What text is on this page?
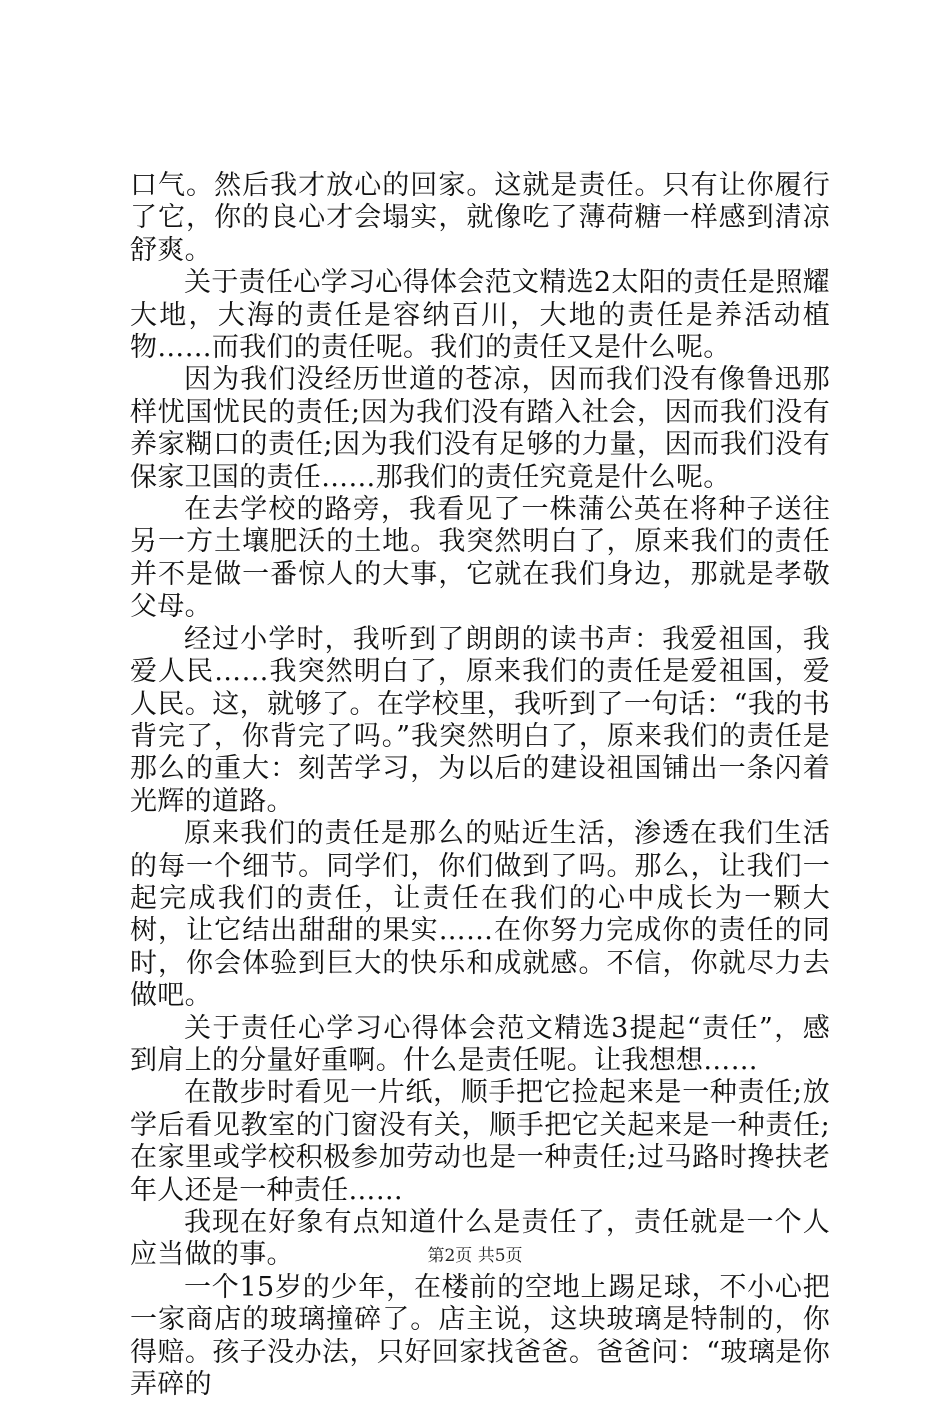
口气。然后我才放心的回家。这就是责任。只有让你履行了它，你的良心才会塌实，就像吃了薄荷糖一样感到清凉舒爽。

关于责任心学习心得体会范文精选2太阳的责任是照耀大地，大海的责任是容纳百川，大地的责任是养活动植物……而我们的责任呢。我们的责任又是什么呢。

因为我们没经历世道的苍凉，因而我们没有像鲁迅那样忧国忧民的责任;因为我们没有踏入社会，因而我们没有养家糊口的责任;因为我们没有足够的力量，因而我们没有保家卫国的责任……那我们的责任究竟是什么呢。

在去学校的路旁，我看见了一株蒲公英在将种子送往另一方土壤肥沃的土地。我突然明白了，原来我们的责任并不是做一番惊人的大事，它就在我们身边，那就是孝敬父母。

经过小学时，我听到了朗朗的读书声：我爱祖国，我爱人民……我突然明白了，原来我们的责任是爱祖国，爱人民。这，就够了。在学校里，我听到了一句话：“我的书背完了，你背完了吗。”我突然明白了，原来我们的责任是那么的重大：刻苦学习，为以后的建设祖国铺出一条闪着光辉的道路。

原来我们的责任是那么的贴近生活，渗透在我们生活的每一个细节。同学们，你们做到了吗。那么，让我们一起完成我们的责任，让责任在我们的心中成长为一颗大树，让它结出甜甜的果实……在你努力完成你的责任的同时，你会体验到巨大的快乐和成就感。不信，你就尽力去做吧。

关于责任心学习心得体会范文精选3提起“责任”，感到肩上的分量好重啊。什么是责任呢。让我想想……

在散步时看见一片纸，顺手把它捡起来是一种责任;放学后看见教室的门窗没有关，顺手把它关起来是一种责任;在家里或学校积极参加劳动也是一种责任;过马路时搀扶老年人还是一种责任……

我现在好象有点知道什么是责任了，责任就是一个人应当做的事。

一个15岁的少年，在楼前的空地上踢足球，不小心把一家商店的玻璃撞碎了。店主说，这块玻璃是特制的，你得赔。孩子没办法，只好回家找爸爸。爸爸问：“玻璃是你弄碎的

第2页 共5页
